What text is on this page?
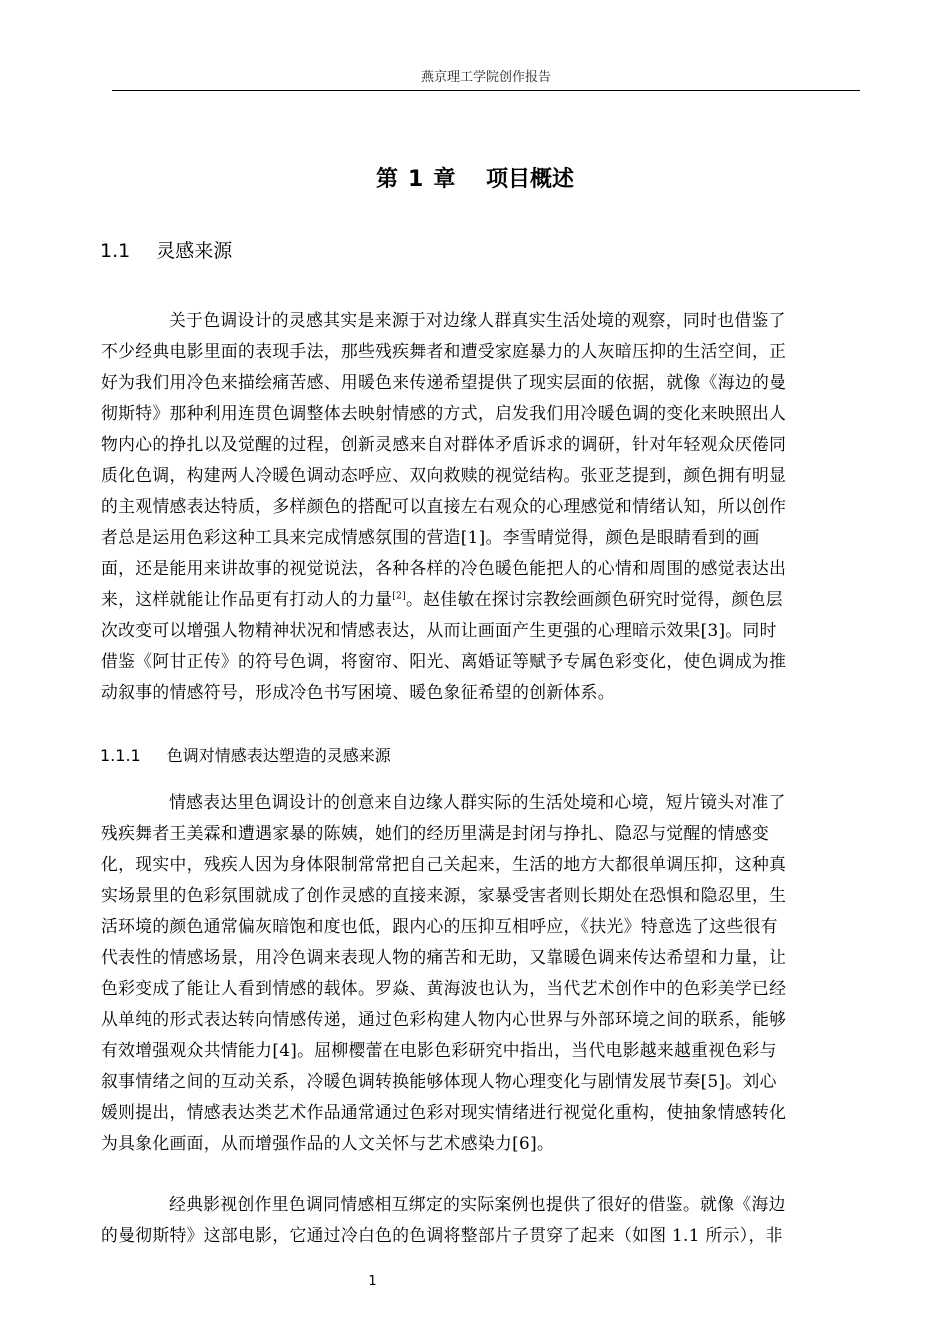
燕京理工学院创作报告
第 1 章 项目概述
1.1 灵感来源
关于色调设计的灵感其实是来源于对边缘人群真实生活处境的观察，同时也借鉴了
不少经典电影里面的表现手法，那些残疾舞者和遭受家庭暴力的人灰暗压抑的生活空间，正
好为我们用冷色来描绘痛苦感、用暖色来传递希望提供了现实层面的依据，就像《海边的曼
彻斯特》那种利用连贯色调整体去映射情感的方式，启发我们用冷暖色调的变化来映照出人
物内心的挣扎以及觉醒的过程，创新灵感来自对群体矛盾诉求的调研，针对年轻观众厌倦同
质化色调，构建两人冷暖色调动态呼应、双向救赎的视觉结构。张亚芝提到，颜色拥有明显
的主观情感表达特质，多样颜色的搭配可以直接左右观众的心理感觉和情绪认知，所以创作
者总是运用色彩这种工具来完成情感氛围的营造[1]。李雪晴觉得，颜色是眼睛看到的画
面，还是能用来讲故事的视觉说法，各种各样的冷色暖色能把人的心情和周围的感觉表达出
来，这样就能让作品更有打动人的力量[2]。赵佳敏在探讨宗教绘画颜色研究时觉得，颜色层
次改变可以增强人物精神状况和情感表达，从而让画面产生更强的心理暗示效果[3]。同时
借鉴《阿甘正传》的符号色调，将窗帘、阳光、离婚证等赋予专属色彩变化，使色调成为推
动叙事的情感符号，形成冷色书写困境、暖色象征希望的创新体系。
1.1.1 色调对情感表达塑造的灵感来源
情感表达里色调设计的创意来自边缘人群实际的生活处境和心境，短片镜头对准了
残疾舞者王美霖和遭遇家暴的陈姨，她们的经历里满是封闭与挣扎、隐忍与觉醒的情感变
化，现实中，残疾人因为身体限制常常把自己关起来，生活的地方大都很单调压抑，这种真
实场景里的色彩氛围就成了创作灵感的直接来源，家暴受害者则长期处在恐惧和隐忍里，生
活环境的颜色通常偏灰暗饱和度也低，跟内心的压抑互相呼应，《扶光》特意选了这些很有
代表性的情感场景，用冷色调来表现人物的痛苦和无助，又靠暖色调来传达希望和力量，让
色彩变成了能让人看到情感的载体。罗焱、黄海波也认为，当代艺术创作中的色彩美学已经
从单纯的形式表达转向情感传递，通过色彩构建人物内心世界与外部环境之间的联系，能够
有效增强观众共情能力[4]。屈柳樱蕾在电影色彩研究中指出，当代电影越来越重视色彩与
叙事情绪之间的互动关系，冷暖色调转换能够体现人物心理变化与剧情发展节奏[5]。刘心
媛则提出，情感表达类艺术作品通常通过色彩对现实情绪进行视觉化重构，使抽象情感转化
为具象化画面，从而增强作品的人文关怀与艺术感染力[6]。
经典影视创作里色调同情感相互绑定的实际案例也提供了很好的借鉴。就像《海边
的曼彻斯特》这部电影，它通过冷白色的色调将整部片子贯穿了起来（如图 1.1 所示），非
1
